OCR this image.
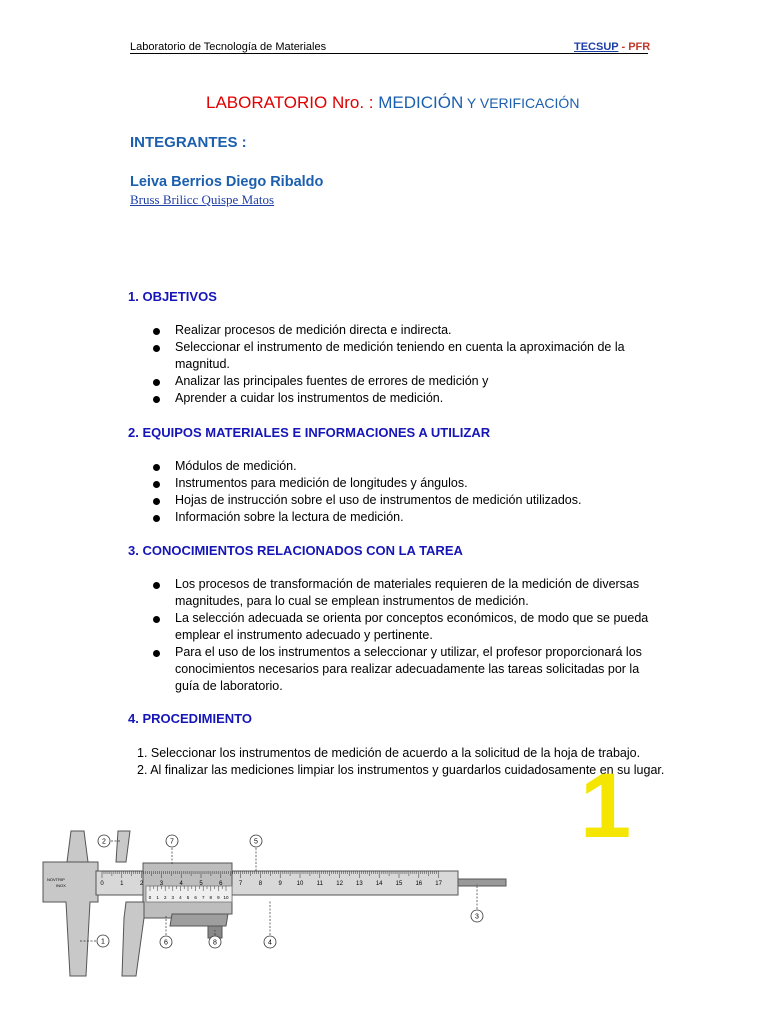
Laboratorio de Tecnología de Materiales	TECSUP - PFR
LABORATORIO Nro. : MEDICIÓN Y VERIFICACIÓN
INTEGRANTES :
Leiva Berrios Diego Ribaldo
Bruss Brilicc Quispe Matos
1. OBJETIVOS
Realizar procesos de medición directa e indirecta.
Seleccionar el instrumento de medición teniendo en cuenta la aproximación de la magnitud.
Analizar las principales fuentes de errores de medición y
Aprender a cuidar los instrumentos de medición.
2. EQUIPOS MATERIALES E INFORMACIONES A UTILIZAR
Módulos de medición.
Instrumentos para medición de longitudes y ángulos.
Hojas de instrucción sobre el uso de instrumentos de medición utilizados.
Información sobre la lectura de medición.
3. CONOCIMIENTOS RELACIONADOS CON LA TAREA
Los procesos de transformación de materiales requieren de la medición de diversas magnitudes, para lo cual se emplean instrumentos de medición.
La selección adecuada se orienta por conceptos económicos, de modo que se pueda emplear el instrumento adecuado y pertinente.
Para el uso de los instrumentos a seleccionar y utilizar, el profesor proporcionará los conocimientos necesarios para realizar adecuadamente las tareas solicitadas por la guía de laboratorio.
4. PROCEDIMIENTO
1. Seleccionar los instrumentos de medición de acuerdo a la solicitud de la hoja de trabajo.
2. Al finalizar las mediciones limpiar los instrumentos y guardarlos cuidadosamente en su lugar.
1
NOVTRIP
INOX	0	1	2	3	4	5	6	7	8	9 10 11 12 13 14 15 16 17
0 1 2 3 4 5 6 7 8 9 10
1
2
3
4
5
6
7
8
